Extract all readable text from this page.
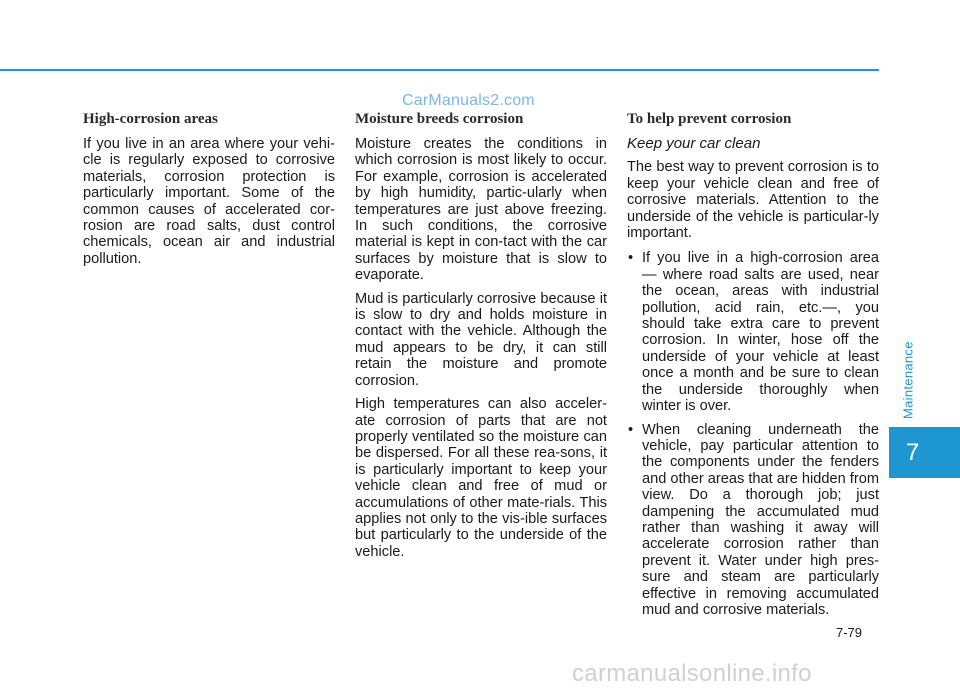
CarManuals2.com
High-corrosion areas

If you live in an area where your vehi-cle is regularly exposed to corrosive materials, corrosion protection is particularly important. Some of the common causes of accelerated cor-rosion are road salts, dust control chemicals, ocean air and industrial pollution.

Moisture breeds corrosion

Moisture creates the conditions in which corrosion is most likely to occur. For example, corrosion is accelerated by high humidity, partic-ularly when temperatures are just above freezing. In such conditions, the corrosive material is kept in con-tact with the car surfaces by moisture that is slow to evaporate.

Mud is particularly corrosive because it is slow to dry and holds moisture in contact with the vehicle. Although the mud appears to be dry, it can still retain the moisture and promote corrosion.

High temperatures can also acceler-ate corrosion of parts that are not properly ventilated so the moisture can be dispersed. For all these rea-sons, it is particularly important to keep your vehicle clean and free of mud or accumulations of other mate-rials. This applies not only to the vis-ible surfaces but particularly to the underside of the vehicle.

To help prevent corrosion
Keep your car clean

The best way to prevent corrosion is to keep your vehicle clean and free of corrosive materials. Attention to the underside of the vehicle is particular-ly important.

• If you live in a high-corrosion area — where road salts are used, near the ocean, areas with industrial pollution, acid rain, etc.—, you should take extra care to prevent corrosion. In winter, hose off the underside of your vehicle at least once a month and be sure to clean the underside thoroughly when winter is over.
• When cleaning underneath the vehicle, pay particular attention to the components under the fenders and other areas that are hidden from view. Do a thorough job; just dampening the accumulated mud rather than washing it away will accelerate corrosion rather than prevent it. Water under high pres-sure and steam are particularly effective in removing accumulated mud and corrosive materials.
Maintenance
7
7-79
carmanualsonline.info
